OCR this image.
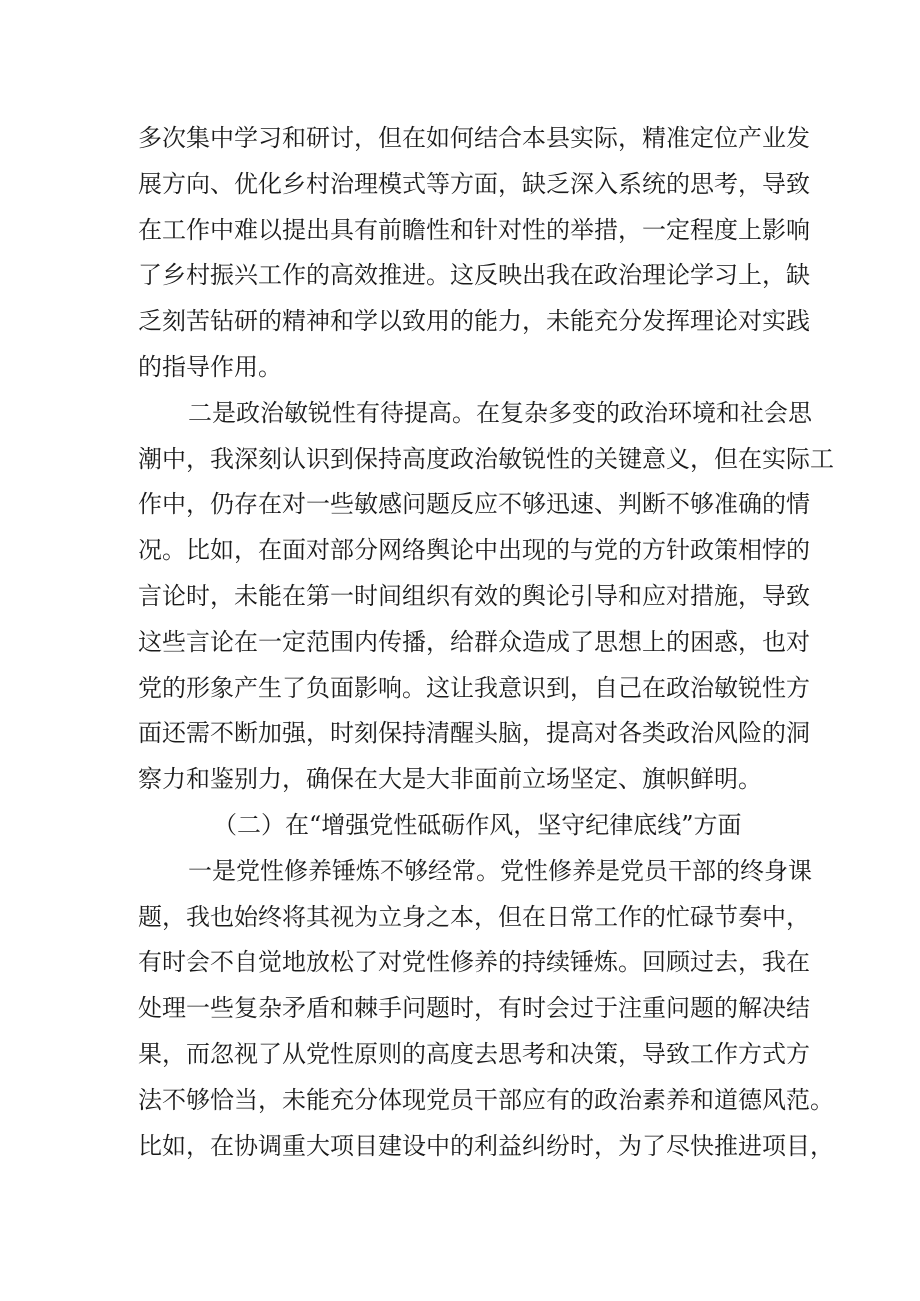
多次集中学习和研讨，但在如何结合本县实际，精准定位产业发
展方向、优化乡村治理模式等方面，缺乏深入系统的思考，导致
在工作中难以提出具有前瞻性和针对性的举措，一定程度上影响
了乡村振兴工作的高效推进。这反映出我在政治理论学习上，缺
乏刻苦钻研的精神和学以致用的能力，未能充分发挥理论对实践
的指导作用。
二是政治敏锐性有待提高。在复杂多变的政治环境和社会思
潮中，我深刻认识到保持高度政治敏锐性的关键意义，但在实际工
作中，仍存在对一些敏感问题反应不够迅速、判断不够准确的情
况。比如，在面对部分网络舆论中出现的与党的方针政策相悖的
言论时，未能在第一时间组织有效的舆论引导和应对措施，导致
这些言论在一定范围内传播，给群众造成了思想上的困惑，也对
党的形象产生了负面影响。这让我意识到，自己在政治敏锐性方
面还需不断加强，时刻保持清醒头脑，提高对各类政治风险的洞
察力和鉴别力，确保在大是大非面前立场坚定、旗帜鲜明。
（二）在“增强党性砥砺作风，坚守纪律底线”方面
一是党性修养锤炼不够经常。党性修养是党员干部的终身课
题，我也始终将其视为立身之本，但在日常工作的忙碌节奏中，
有时会不自觉地放松了对党性修养的持续锤炼。回顾过去，我在
处理一些复杂矛盾和棘手问题时，有时会过于注重问题的解决结
果，而忽视了从党性原则的高度去思考和决策，导致工作方式方
法不够恰当，未能充分体现党员干部应有的政治素养和道德风范。
比如，在协调重大项目建设中的利益纠纷时，为了尽快推进项目，
